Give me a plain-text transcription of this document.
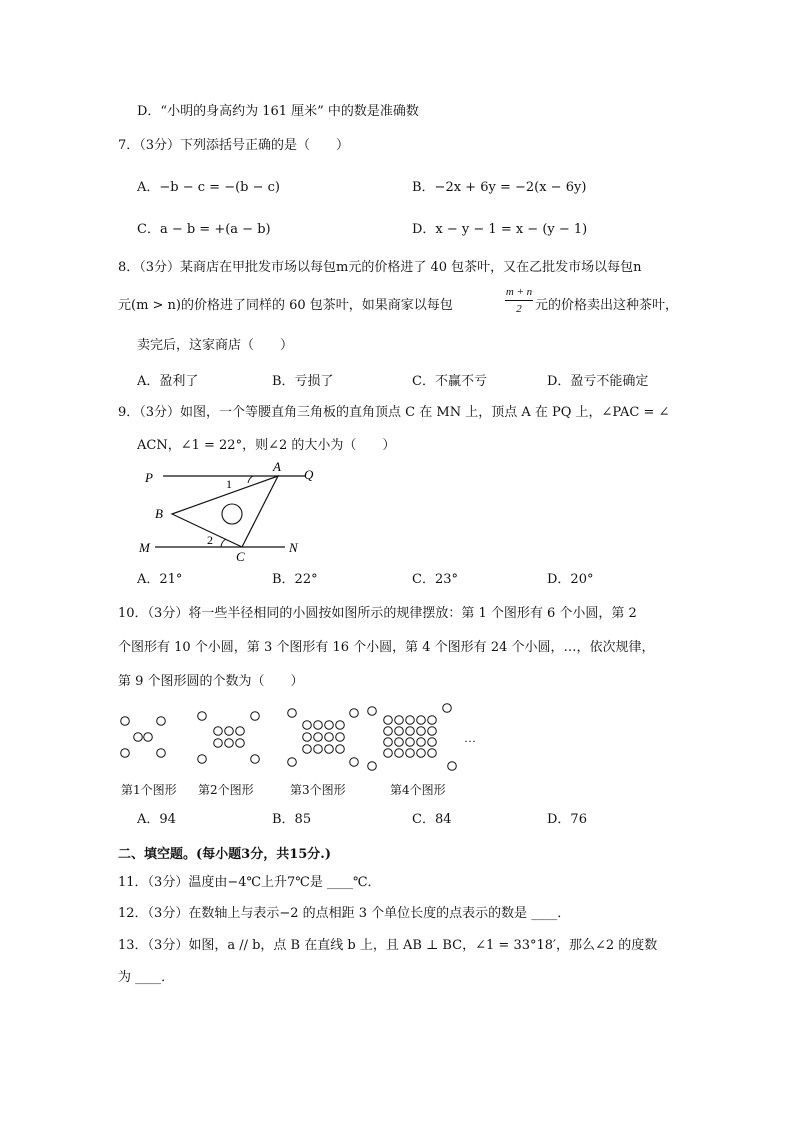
D．“小明的身高约为 161 厘米” 中的数是准确数
7．（3分）下列添括号正确的是（　　）
A．−b − c = −(b − c)	B．−2x + 6y = −2(x − 6y)
C．a − b = +(a − b)	D．x − y − 1 = x − (y − 1)
8．（3分）某商店在甲批发市场以每包m元的价格进了 40 包茶叶，又在乙批发市场以每包n
元(m > n)的价格进了同样的 60 包茶叶，如果商家以每包
m + n
2	元的价格卖出这种茶叶，
卖完后，这家商店（　　）
A．盈利了	B．亏损了	C．不赢不亏	D．盈亏不能确定
9．（3分）如图，一个等腰直角三角板的直角顶点 C 在 MN 上，顶点 A 在 PQ 上，∠PAC = ∠
ACN，∠1 = 22°，则∠2 的大小为（　　）
P	Q
A
B
M	N
C
1
2
A．21°	B．22°	C．23°	D．20°
10．（3分）将一些半径相同的小圆按如图所示的规律摆放：第 1 个图形有 6 个小圆，第 2
个图形有 10 个小圆，第 3 个图形有 16 个小圆，第 4 个图形有 24 个小圆，…，依次规律，
第 9 个图形圆的个数为（　　）
…
第1个图形 第2个图形	第3个图形	第4个图形
A．94	B．85	C．84	D．76
二、填空题。(每小题3分，共15分.)
11．（3分）温度由−4℃上升7℃是 ____℃．
12．（3分）在数轴上与表示−2 的点相距 3 个单位长度的点表示的数是 ____．
13．（3分）如图，a // b，点 B 在直线 b 上，且 AB ⊥ BC，∠1 = 33°18′，那么∠2 的度数
为 ____．
